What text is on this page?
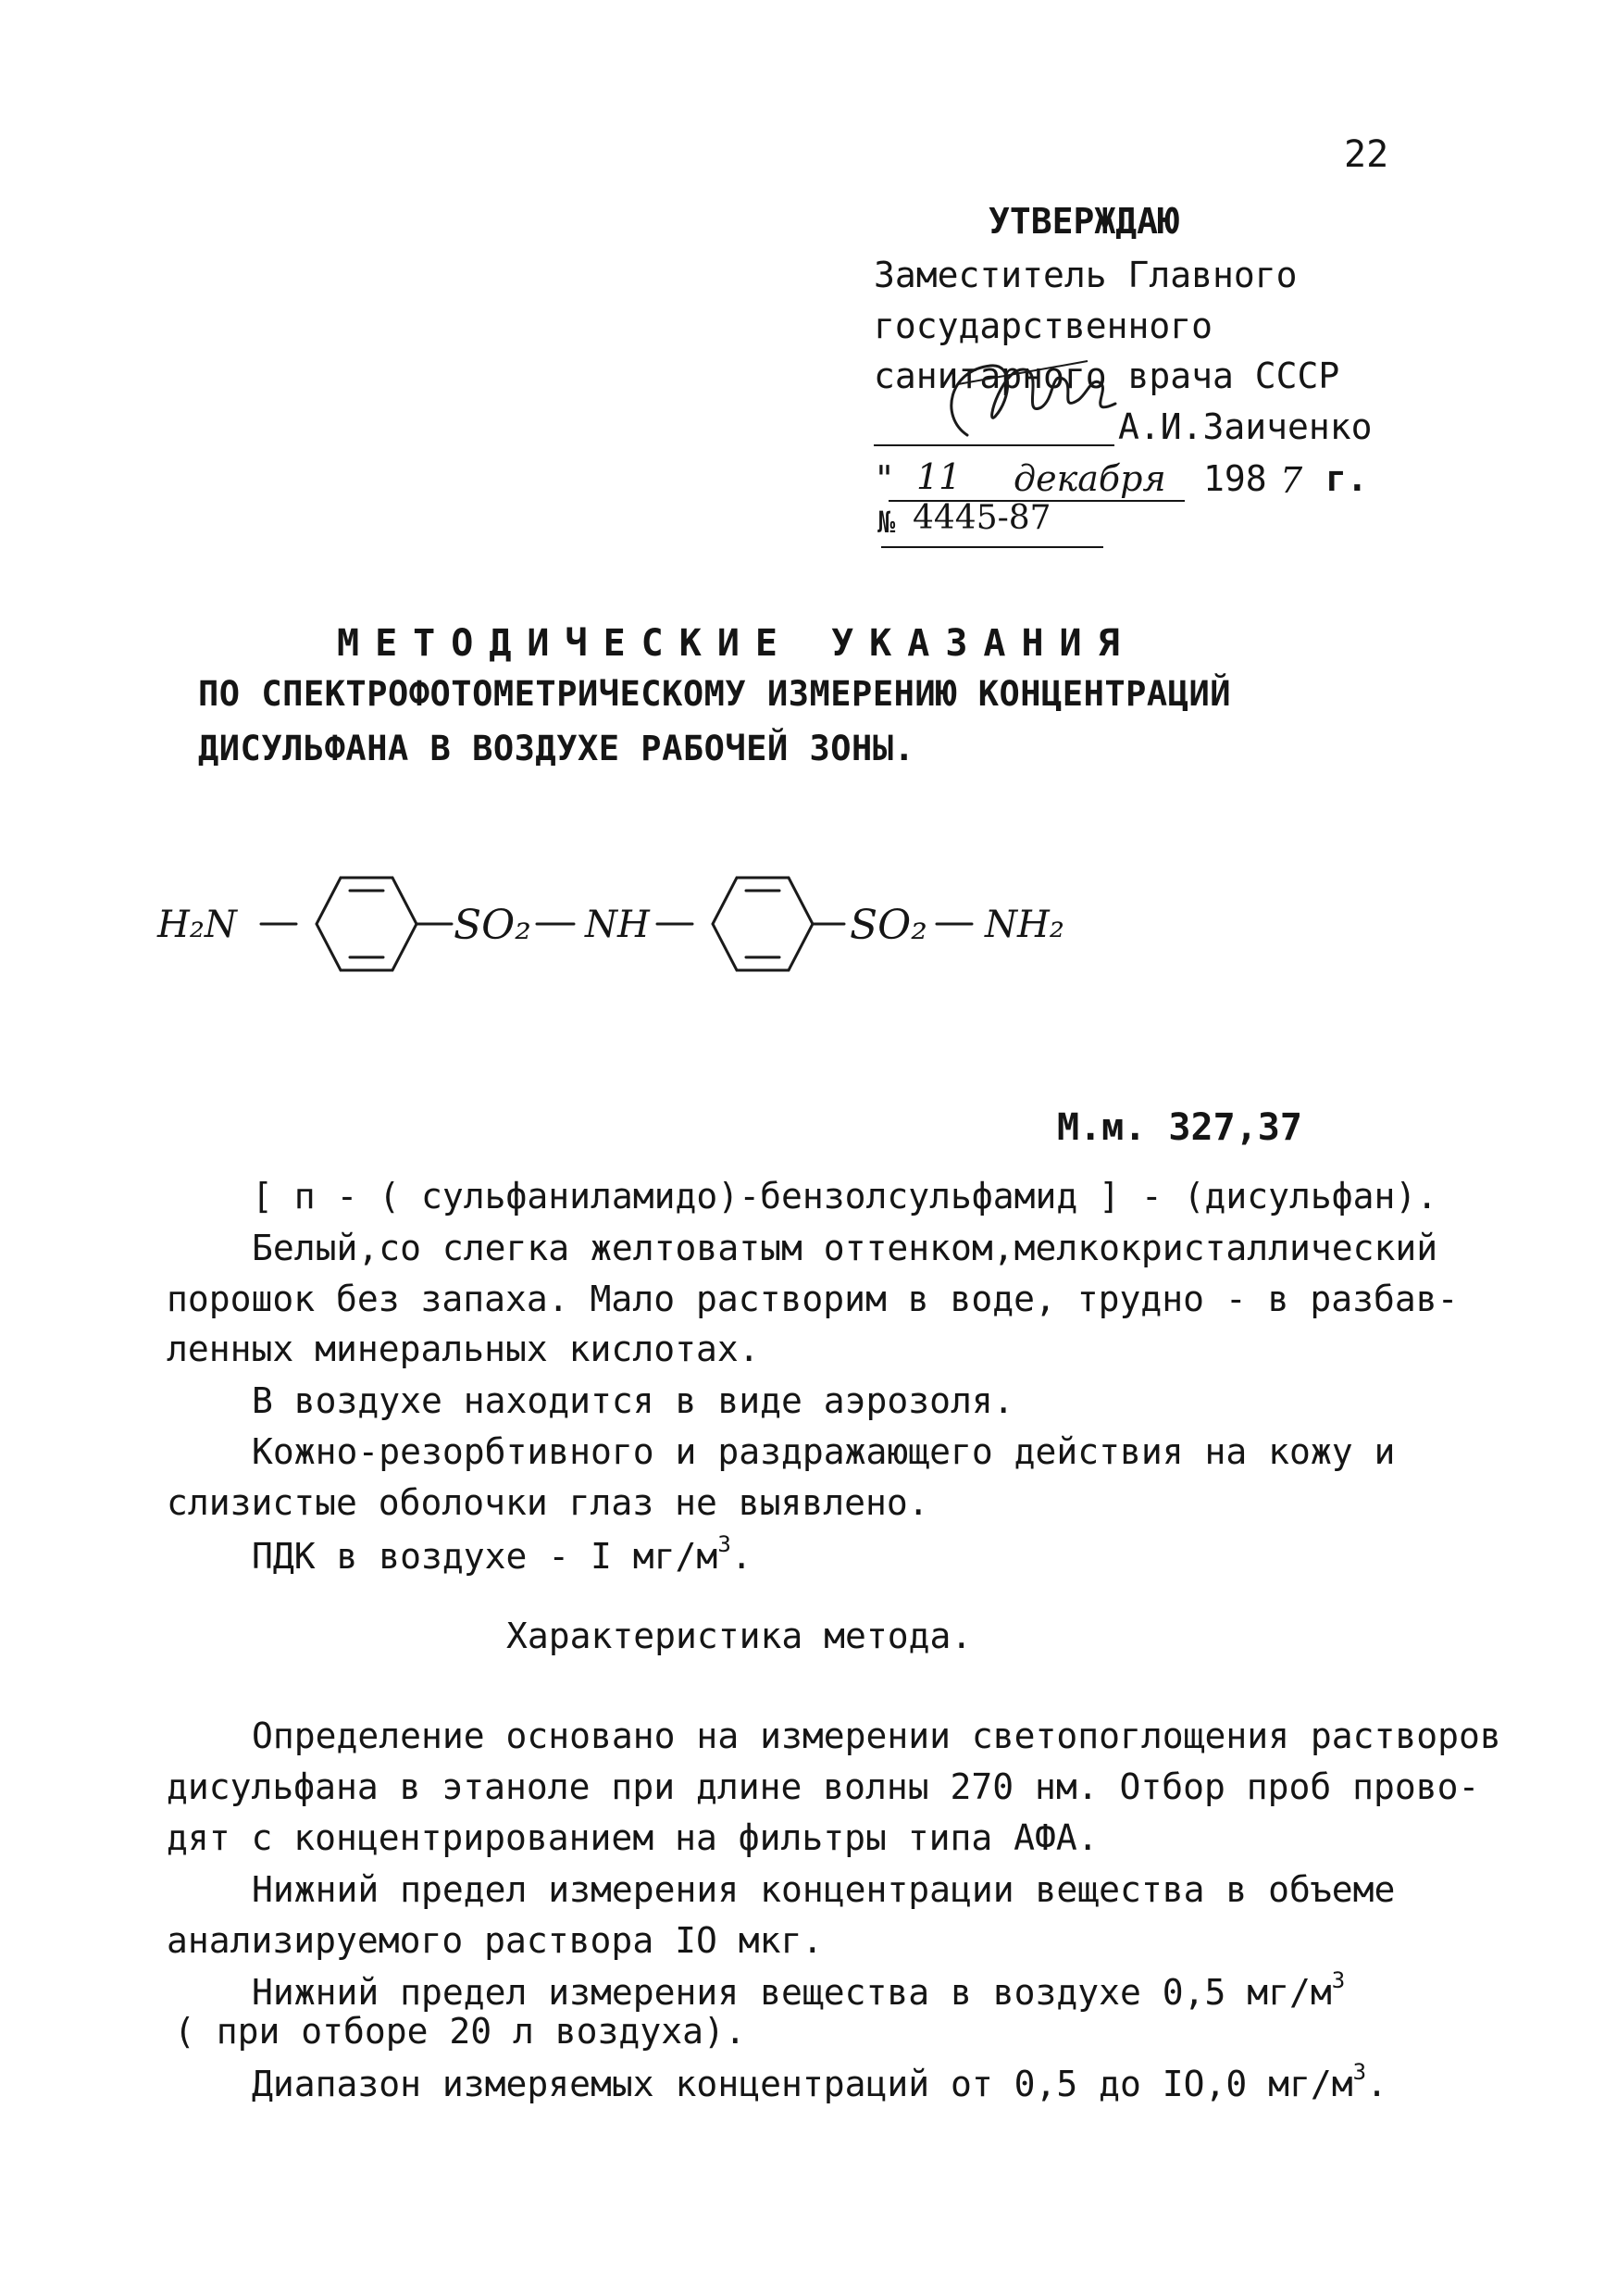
22
УТВЕРЖДАЮ
Заместитель Главного
государственного
санитарного врача СССР
А.И.Заиченко
" 11 декабря 198 7 г.
№ 4445-87
МЕТОДИЧЕСКИЕ УКАЗАНИЯ
ПО СПЕКТРОФОТОМЕТРИЧЕСКОМУ ИЗМЕРЕНИЮ КОНЦЕНТРАЦИЙ
ДИСУЛЬФАНА В ВОЗДУХЕ РАБОЧЕЙ ЗОНЫ.
H₂N	SO₂ NH	SO₂ NH₂
М.м. 327,37
[ п - ( сульфаниламидо)-бензолсульфамид ] - (дисульфан).
Белый,со слегка желтоватым оттенком,мелкокристаллический
порошок без запаха. Мало растворим в воде, трудно - в разбав-
ленных минеральных кислотах.
В воздухе находится в виде аэрозоля.
Кожно-резорбтивного и раздражающего действия на кожу и
слизистые оболочки глаз не выявлено.
ПДК в воздухе - I $мг/м^3$.
Характеристика метода.
Определение основано на измерении светопоглощения растворов
дисульфана в этаноле при длине волны 270 нм. Отбор проб прово-
дят с концентрированием на фильтры типа АФА.
Нижний предел измерения концентрации вещества в объеме
анализируемого раствора IO мкг.
Нижний предел измерения вещества в воздухе 0,5 $мг/м^3$
( при отборе 20 л воздуха).
Диапазон измеряемых концентраций от 0,5 до IO,0 $мг/м^3$.
